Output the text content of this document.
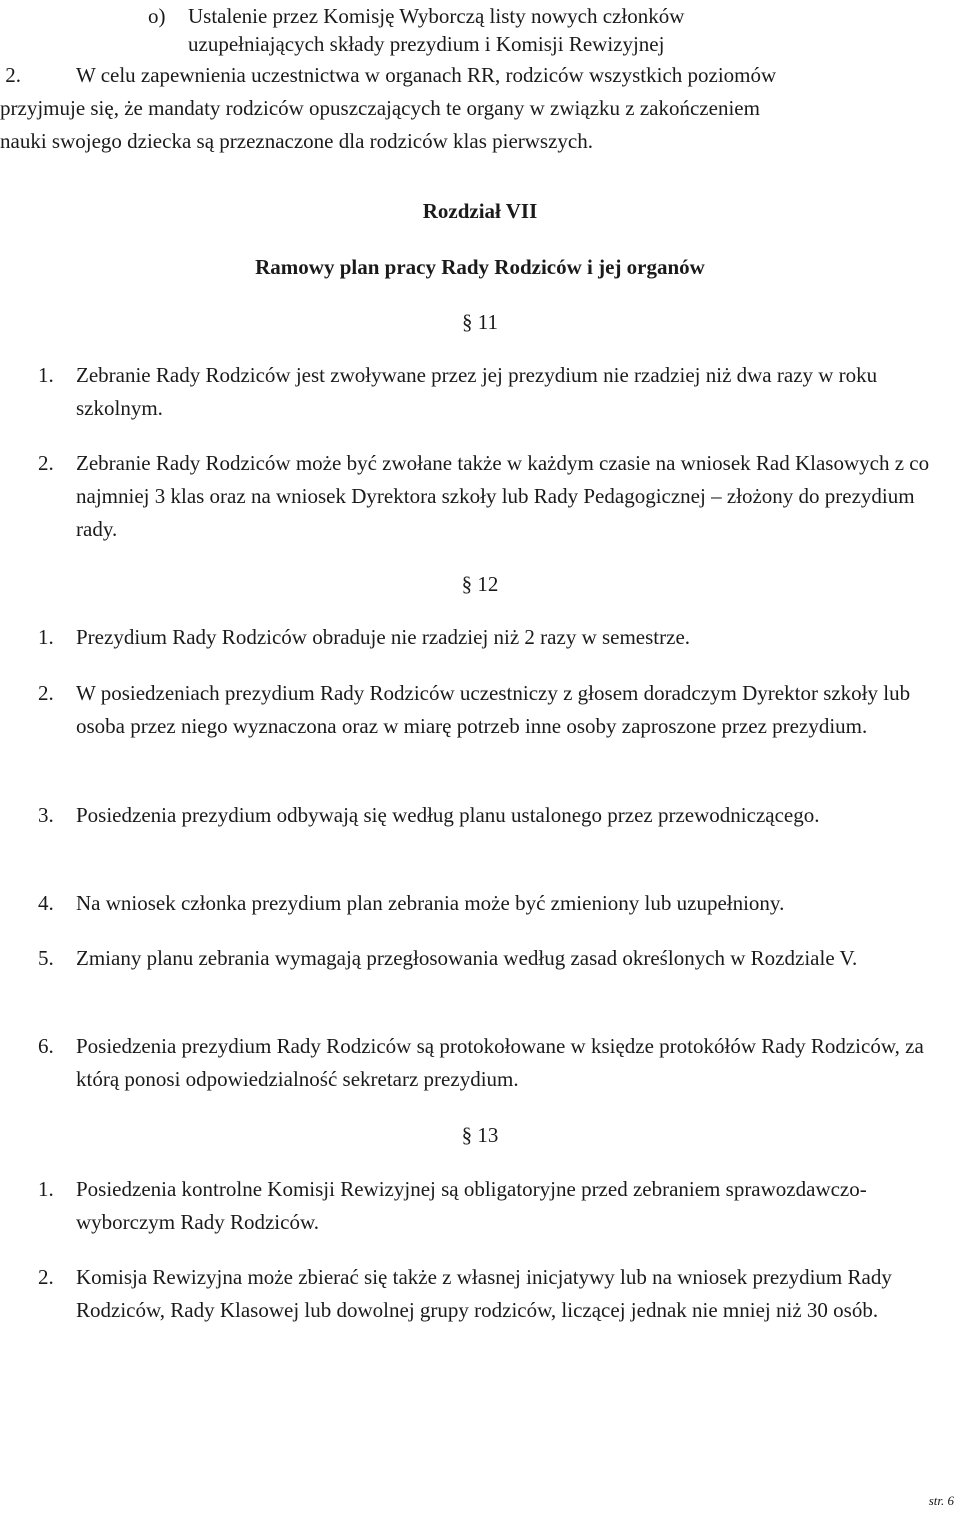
o) Ustalenie przez Komisję Wyborczą listy nowych członków
uzupełniających składy prezydium i Komisji Rewizyjnej
2.	W celu zapewnienia uczestnictwa w organach RR, rodziców wszystkich poziomów
przyjmuje się, że mandaty rodziców opuszczających te organy w związku z zakończeniem
nauki swojego dziecka są przeznaczone dla rodziców klas pierwszych.
Rozdział VII
Ramowy plan pracy Rady Rodziców i jej organów
§ 11
1.	Zebranie Rady Rodziców jest zwoływane przez jej prezydium nie rzadziej niż dwa razy w roku szkolnym.
2.	Zebranie Rady Rodziców może być zwołane także w każdym czasie na wniosek Rad Klasowych z co najmniej 3 klas oraz na wniosek Dyrektora szkoły lub Rady Pedagogicznej – złożony do prezydium rady.
§ 12
1.	Prezydium Rady Rodziców obraduje nie rzadziej niż 2 razy w semestrze.
2.	W posiedzeniach prezydium Rady Rodziców uczestniczy z głosem doradczym Dyrektor szkoły lub osoba przez niego wyznaczona oraz w miarę potrzeb inne osoby zaproszone przez prezydium.
3.	Posiedzenia prezydium odbywają się według planu ustalonego przez przewodniczącego.
4.	Na wniosek członka prezydium plan zebrania może być zmieniony lub uzupełniony.
5.	Zmiany planu zebrania wymagają przegłosowania według zasad określonych w Rozdziale V.
6.	Posiedzenia prezydium Rady Rodziców są protokołowane w księdze protokółów Rady Rodziców, za którą ponosi odpowiedzialność sekretarz prezydium.
§ 13
1.	Posiedzenia kontrolne Komisji Rewizyjnej są obligatoryjne przed zebraniem sprawozdawczo-wyborczym Rady Rodziców.
2.	Komisja Rewizyjna może zbierać się także z własnej inicjatywy lub na wniosek prezydium Rady Rodziców, Rady Klasowej lub dowolnej grupy rodziców, liczącej jednak nie mniej niż 30 osób.
str. 6
